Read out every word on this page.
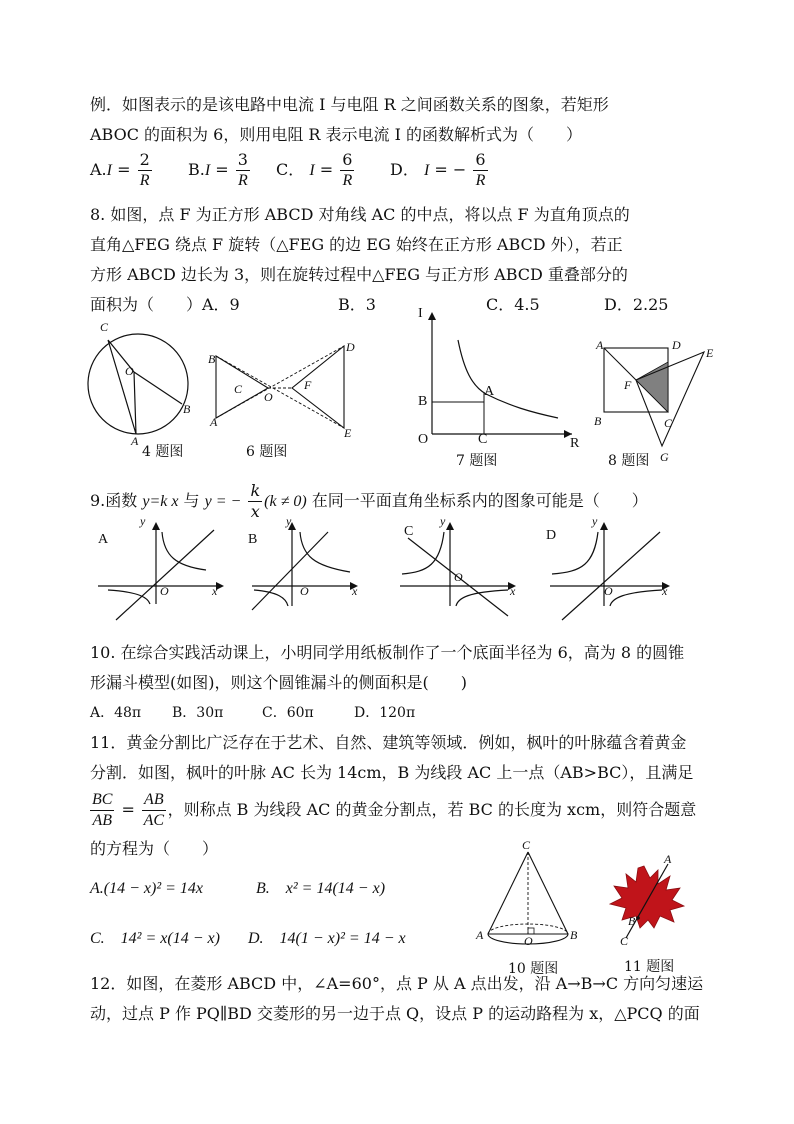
例．如图表示的是该电路中电流 I 与电阻 R 之间函数关系的图象，若矩形
ABOC 的面积为 6，则用电阻 R 表示电流 I 的函数解析式为（　　）
$A.I = \frac{2}{R} B.I = \frac{3}{R}$ C． $I = \frac{6}{R}$ D． I = − $\frac{6}{R}$
8. 如图，点 F 为正方形 ABCD 对角线 AC 的中点，将以点 F 为直角顶点的
直角△FEG 绕点 F 旋转（△FEG 的边 EG 始终在正方形 ABCD 外），若正
方形 ABCD 边长为 3，则在旋转过程中△FEG 与正方形 ABCD 重叠部分的
面积为（　　）A．9	B．3	C．4.5	D．2.25
C
O
B
A
4 题图
B
D
C
O
F
A
E
6 题图
I
B
A
O	C	R
7 题图
A	D
E
F
B	C
G
8 题图
9.函数 y=k x 与 y = − $\frac{k}{x} (k \ne 0)$ 在同一平面直角坐标系内的图象可能是（　　）
A
y
O	x
B
y
O	x
C
y
O
x
D
y
O	x
10. 在综合实践活动课上，小明同学用纸板制作了一个底面半径为 6，高为 8 的圆锥
形漏斗模型(如图)，则这个圆锥漏斗的侧面积是(　　)
A．48π B．30π	C．60π	D．120π
11．黄金分割比广泛存在于艺术、自然、建筑等领域．例如，枫叶的叶脉蕴含着黄金
分割．如图，枫叶的叶脉 AC 长为 14cm，B 为线段 AC 上一点（AB>BC），且满足
$\frac{BC}{AB} = \frac{AB}{AC}$ ，则称点 B 为线段 AC 的黄金分割点，若 BC 的长度为 xcm，则符合题意
的方程为（　　）
A.(14 − x)² = 14x	B.　x² = 14(14 − x)
C.　14² = x(14 − x) D.　14(1 − x)² = 14 − x
C
A	O	B
10 题图
A
B
C
11 题图
12．如图，在菱形 ABCD 中，∠A=60°，点 P 从 A 点出发，沿 A→B→C 方向匀速运
动，过点 P 作 PQ∥BD 交菱形的另一边于点 Q，设点 P 的运动路程为 x，△PCQ 的面
